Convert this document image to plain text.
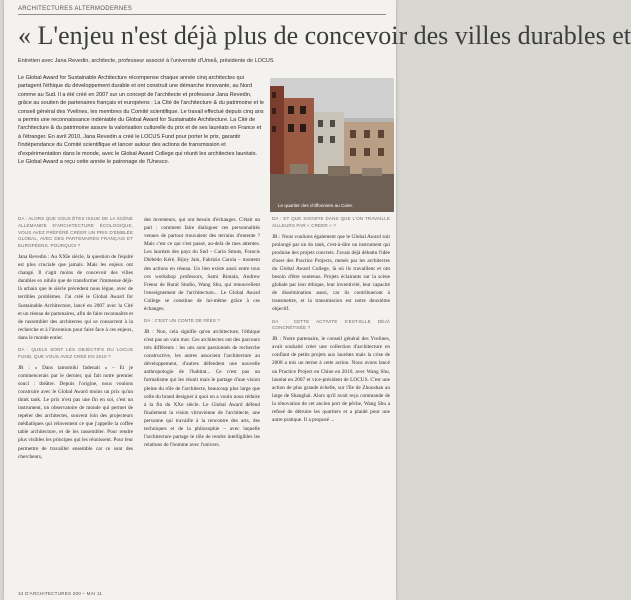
ARCHITECTURES ALTERMODERNES
« L'enjeu n'est déjà plus de concevoir des villes durables et
Entretien avec Jana Revedin, architecte, professeur associé à l'université d'Umeå, présidente de LOCUS

Le Global Award for Sustainable Architecture récompense chaque année cinq architectes qui partagent l'éthique du développement durable et ont construit une démarche innovante, au Nord comme au Sud. Il a été créé en 2007 sur un concept de l'architecte et professeur Jana Revedin, grâce au soutien de partenaires français et européens : La Cité de l'architecture & du patrimoine et le conseil général des Yvelines, les membres du Comité scientifique. Le travail effectué depuis cinq ans a permis une reconnaissance indéniable du Global Award for Sustainable Architecture. La Cité de l'architecture & du patrimoine assure la valorisation culturelle du prix et de ses lauréats en France et à l'étranger. En avril 2010, Jana Revedin a créé le LOCUS Fund pour porter le prix, garantir l'indépendance du Comité scientifique et lancer autour des actions de transmission et d'expérimentation dans le monde, avec le Global Award College qui réunit les architectes lauréats. Le Global Award a reçu cette année le patronage de l'Unesco.

Le quartier des chiffonniers au Caire.

DA : ALORS QUE VOUS ÊTES ISSUE DE LA SCÈNE ALLEMANDE D'ARCHITECTURE ÉCOLOGIQUE, VOUS AVEZ PRÉFÉRÉ CRÉER UN PRIX D'EMBLÉE GLOBAL, AVEC DES PARTENAIRES FRANÇAIS ET EUROPÉENS. POURQUOI ?

Jana Revedin : Au XXIe siècle, la question de l'équité est plus cruciale que jamais. Mais les enjeux ont changé. Il s'agit moins de concevoir des villes durables ex nihilo que de transformer l'immense déjà-là urbain que le siècle précédent nous lègue, avec de terribles problèmes. J'ai créé le Global Award for Sustainable Architecture, lancé en 2007 avec la Cité et un réseau de partenaires, afin de faire reconnaître et de rassembler des architectes qui se consacrent à la recherche et à l'invention pour faire face à ces enjeux, dans le monde entier.

DA : QUELS SONT LES OBJECTIFS DU LOCUS FUND, QUE VOUS AVEZ CRÉÉ EN 2010 ?

JR : « Dans tamomiki fadenait » – Et je commencerais par le dernier, qui fait notre premier souci : théâtre. Depuis l'origine, nous voulons construire avec le Global Award moins un prix qu'un think tank. Le prix n'est pas une fin en soi, c'est un instrument, un observatoire de monde qui permet de repérer des architectes, souvent loin des projecteurs médiatiques qui réinventent ce que j'appelle la coffee table architecture, et de les rassembler. Pour rendre plus visibles les principes qui les réunissent. Pour leur permettre de travailler ensemble car ce sont des chercheurs,

des inventeurs, qui ont besoin d'échanges. C'était un pari : comment faire dialoguer ces personnalités venues de partout trouvaient des terrains d'entente ? Mais c'est ce qui s'est passé, au-delà de mes attentes. Les lauréats des pays du Sud – Carin Smuts, Francis Diébédo Kéré, Bijoy Jain, Fabrizio Carola – montent des actions en réseau. Un lien existe aussi entre tous ces workshop professors, Sami Rintala, Andrew Freear de Rural Studio, Wang Shu, qui renouvellent l'enseignement de l'architecture... Le Global Award College se constitue de lui-même grâce à ces échanges.

DA : C'EST UN CONTE DE FÉES ?

JR : Non, cela signifie qu'en architecture, l'éthique n'est pas un vain mot. Ces architectes ont des parcours très différents : les uns sont passionnés de recherche constructive, les autres associent l'architecture au développement, d'autres défendent une nouvelle anthropologie de l'habitat... Ce n'est pas un formalisme qui les réunit mais le partage d'une vision pleine du rôle de l'architecte, beaucoup plus large que celle du brand designer à quoi on a voulu nous réduire à la fin du XXe siècle. Le Global Award défend finalement la vision vitruvienne de l'architecte, une personne qui travaille à la rencontre des arts, des techniques et de la philosophie – avec laquelle l'architecture partage le rôle de rendre intelligibles les relations de l'homme avec l'univers.

DA : ET QUE SIGNIFIE DANS QUE L'ON TRAVAILLE AILLEURS PAR « CREER » ?

JR : Nous voulions également que le Global Award soit prolongé par un do tank, c'est-à-dire un instrument qui produise des projets concrets. J'avais déjà débattu l'idée d'oser des Practice Projects, menés par les architectes du Global Award College, là où ils travaillent et ont besoin d'être soutenus. Projets éclairants sur la scène globale par leur éthique, leur inventivité, leur capacité de dissémination aussi, car ils contribueront à transmettre, et la transmission est notre deuxième objectif.

DA : CETTE ACTIVITÉ S'EST-ELLE DÉJÀ CONCRÉTISÉE ?

JR : Notre partenaire, le conseil général des Yvelines, avait souhaité créer une collection d'architecture en confiant de petits projets aux lauréats mais la crise de 2008 a mis un terme à cette action. Nous avons lancé un Practice Project en Chine en 2010, avec Wang Shu, lauréat en 2007 et vice-président de LOCUS. C'est une action de plus grande échelle, sur l'île de Zhoushan au large de Shanghai. Alors qu'il avait reçu commande de la rénovation de cet ancien port de pêche, Wang Shu a refusé de détruire les quartiers et a plaidé pour une autre pratique. Il a proposé ...

34 D'ARCHITECTURES 200 – MAI 11
